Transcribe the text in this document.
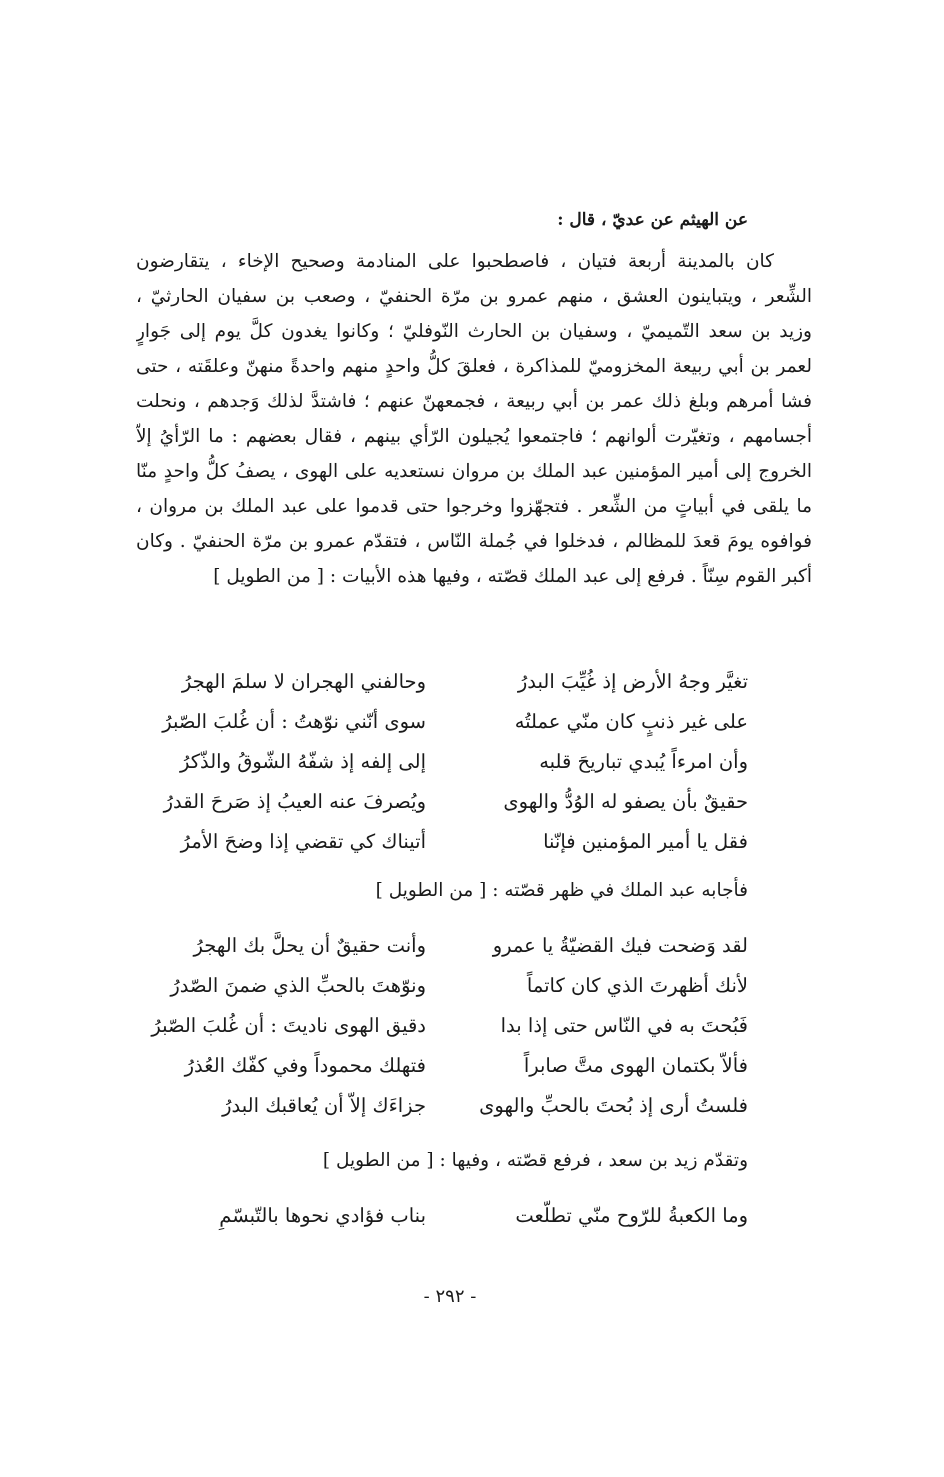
عن الهيثم عن عديّ ، قال :
كان بالمدينة أربعة فتيان ، فاصطحبوا على المنادمة وصحيح الإخاء ، يتقارضون
الشِّعر ، ويتباينون العشق ، منهم عمرو بن مرّة الحنفيّ ، وصعب بن سفيان الحارثيّ ،
وزيد بن سعد التّميميّ ، وسفيان بن الحارث النّوفليّ ؛ وكانوا يغدون كلَّ يوم إلى جَوارٍ
لعمر بن أبي ربيعة المخزوميّ للمذاكرة ، فعلقَ كلُّ واحدٍ منهم واحدةً منهنّ وعلقَته ، حتى
فشا أمرهم وبلغ ذلك عمر بن أبي ربيعة ، فجمعهنّ عنهم ؛ فاشتدَّ لذلك وَجدهم ، ونحلت
أجسامهم ، وتغيّرت ألوانهم ؛ فاجتمعوا يُجيلون الرّأي بينهم ، فقال بعضهم : ما الرّأيُ إلاّ
الخروج إلى أمير المؤمنين عبد الملك بن مروان نستعديه على الهوى ، يصفُ كلُّ واحدٍ منّا
ما يلقى في أبياتٍ من الشِّعر . فتجهّزوا وخرجوا حتى قدموا على عبد الملك بن مروان ،
فوافوه يومَ قعدَ للمظالم ، فدخلوا في جُملة النّاس ، فتقدّم عمرو بن مرّة الحنفيّ . وكان
أكبر القوم سِنّاً . فرفع إلى عبد الملك قصّته ، وفيها هذه الأبيات : [ من الطويل ]
تغيَّر وجهُ الأرض إذ غُيِّبَ البدرُ
وحالفني الهجران لا سلمَ الهجرُ
على غير ذنبٍ كان منّي عملتُه
سوى أنّني نوّهتُ : أن غُلبَ الصّبرُ
وأن امرءاً يُبدي تباريحَ قلبه
إلى إلفه إذ شفّهُ الشّوقُ والذّكرُ
حقيقٌ بأن يصفو له الوُدُّ والهوى
ويُصرفَ عنه العيبُ إذ صَرحَ القدرُ
فقل يا أمير المؤمنين فإنّنا
أتيناك كي تقضي إذا وضحَ الأمرُ
فأجابه عبد الملك في ظهر قصّته : [ من الطويل ]
لقد وَضحت فيك القضيّةُ يا عمرو
وأنت حقيقٌ أن يحلَّ بك الهجرُ
لأنك أظهرتَ الذي كان كاتماً
ونوّهتَ بالحبِّ الذي ضمنَ الصّدرُ
فَبُحتَ به في النّاس حتى إذا بدا
دقيق الهوى ناديتَ : أن غُلبَ الصّبرُ
فألاّ بكتمان الهوى متَّ صابراً
فتهلك محموداً وفي كفّك العُذرُ
فلستُ أرى إذ بُحتَ بالحبِّ والهوى
جزاءَك إلاّ أن يُعاقبك البدرُ
وتقدّم زيد بن سعد ، فرفع قصّته ، وفيها : [ من الطويل ]
وما الكعبةُ للرّوح منّي تطلّعت
بناب فؤادي نحوها بالتّبسّمِ
- ٢٩٢ -
